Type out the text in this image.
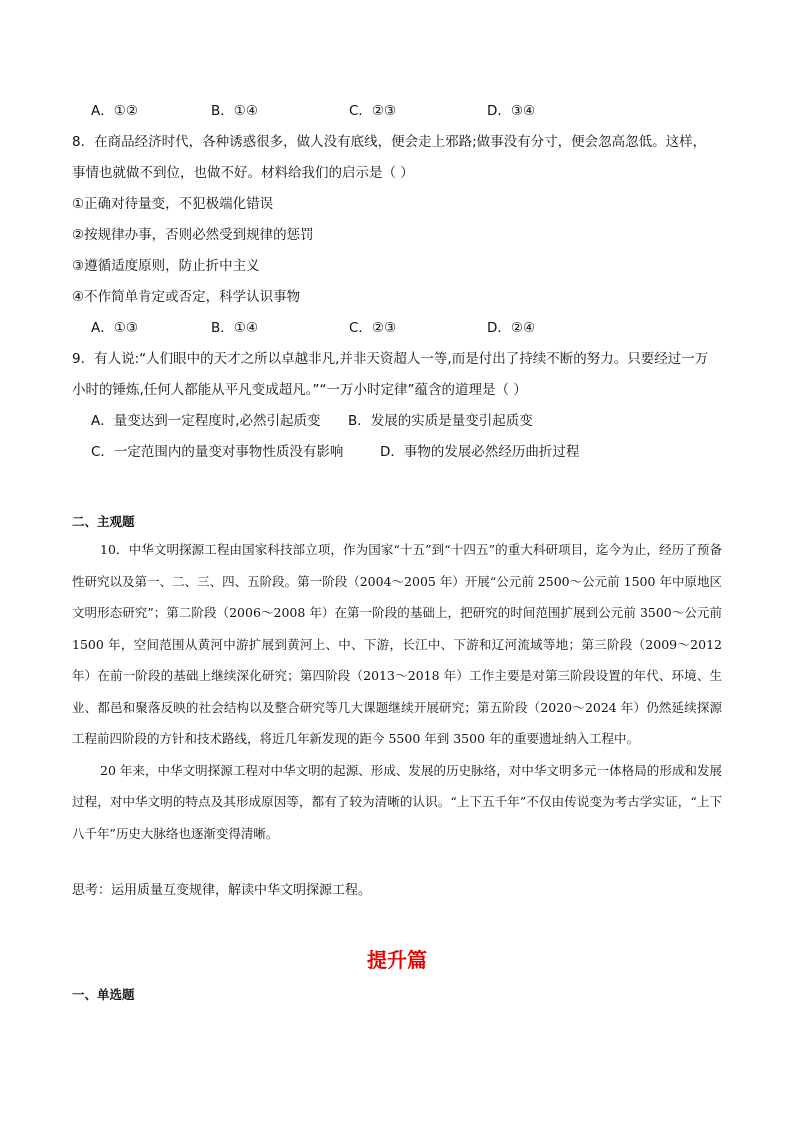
A．①②	B．①④	C．②③	D．③④
8．在商品经济时代，各种诱惑很多，做人没有底线，便会走上邪路;做事没有分寸，便会忽高忽低。这样，
事情也就做不到位，也做不好。材料给我们的启示是（ ）
①正确对待量变，不犯极端化错误
②按规律办事，否则必然受到规律的惩罚
③遵循适度原则，防止折中主义
④不作简单肯定或否定，科学认识事物
A．①③	B．①④	C．②③	D．②④
9．有人说:“人们眼中的天才之所以卓越非凡,并非天资超人一等,而是付出了持续不断的努力。只要经过一万
小时的锤炼,任何人都能从平凡变成超凡。”“一万小时定律”蕴含的道理是（ ）
A．量变达到一定程度时,必然引起质变 B．发展的实质是量变引起质变
C．一定范围内的量变对事物性质没有影响	D．事物的发展必然经历曲折过程
二、主观题

10．中华文明探源工程由国家科技部立项，作为国家“十五”到“十四五”的重大科研项目，迄今为止，经历了预备性研究以及第一、二、三、四、五阶段。第一阶段（2004～2005 年）开展“公元前 2500～公元前 1500 年中原地区文明形态研究”；第二阶段（2006～2008 年）在第一阶段的基础上，把研究的时间范围扩展到公元前 3500～公元前 1500 年，空间范围从黄河中游扩展到黄河上、中、下游，长江中、下游和辽河流域等地；第三阶段（2009～2012 年）在前一阶段的基础上继续深化研究；第四阶段（2013～2018 年）工作主要是对第三阶段设置的年代、环境、生业、都邑和聚落反映的社会结构以及整合研究等几大课题继续开展研究；第五阶段（2020～2024 年）仍然延续探源工程前四阶段的方针和技术路线，将近几年新发现的距今 5500 年到 3500 年的重要遗址纳入工程中。

20 年来，中华文明探源工程对中华文明的起源、形成、发展的历史脉络，对中华文明多元一体格局的形成和发展过程，对中华文明的特点及其形成原因等，都有了较为清晰的认识。“上下五千年”不仅由传说变为考古学实证，“上下八千年”历史大脉络也逐渐变得清晰。

思考：运用质量互变规律，解读中华文明探源工程。
提升篇
一、单选题
